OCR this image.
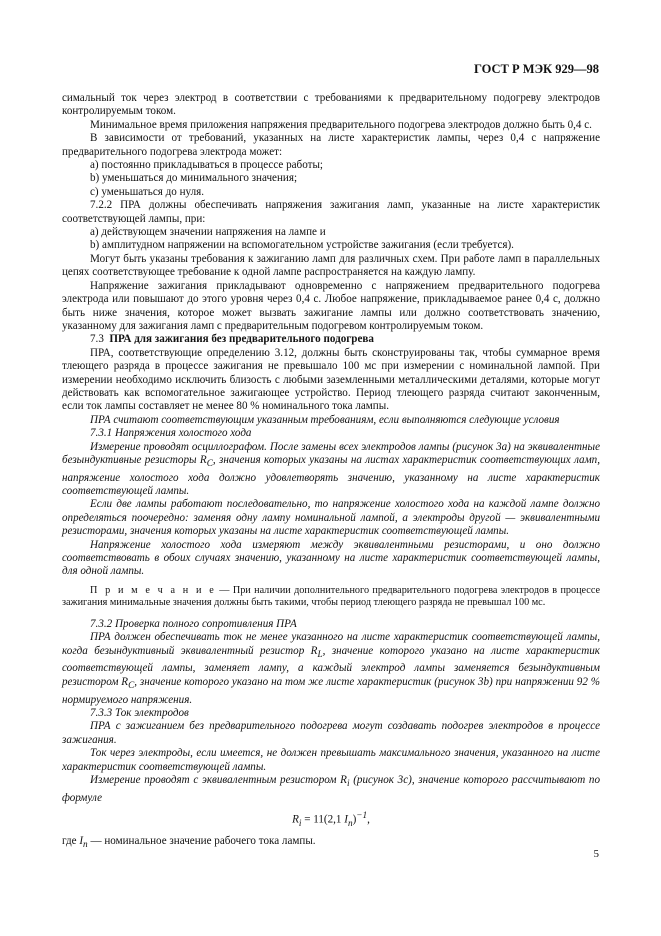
ГОСТ Р МЭК 929—98

симальный ток через электрод в соответствии с требованиями к предварительному подогреву электродов контролируемым током.

Минимальное время приложения напряжения предварительного подогрева электродов должно быть 0,4 с.

В зависимости от требований, указанных на листе характеристик лампы, через 0,4 с напряжение предварительного подогрева электрода может:

а) постоянно прикладываться в процессе работы;

b) уменьшаться до минимального значения;

c) уменьшаться до нуля.

7.2.2 ПРА должны обеспечивать напряжения зажигания ламп, указанные на листе характеристик соответствующей лампы, при:

а) действующем значении напряжения на лампе и

b) амплитудном напряжении на вспомогательном устройстве зажигания (если требуется).

Могут быть указаны требования к зажиганию ламп для различных схем. При работе ламп в параллельных цепях соответствующее требование к одной лампе распространяется на каждую лампу.

Напряжение зажигания прикладывают одновременно с напряжением предварительного подогрева электрода или повышают до этого уровня через 0,4 с. Любое напряжение, прикладываемое ранее 0,4 с, должно быть ниже значения, которое может вызвать зажигание лампы или должно соответствовать значению, указанному для зажигания ламп с предварительным подогревом контролируемым током.

7.3 ПРА для зажигания без предварительного подогрева

ПРА, соответствующие определению 3.12, должны быть сконструированы так, чтобы суммарное время тлеющего разряда в процессе зажигания не превышало 100 мс при измерении с номинальной лампой. При измерении необходимо исключить близость с любыми заземленными металлическими деталями, которые могут действовать как вспомогательное зажигающее устройство. Период тлеющего разряда считают законченным, если ток лампы составляет не менее 80 % номинального тока лампы.

ПРА считают соответствующим указанным требованиям, если выполняются следующие условия

7.3.1 Напряжения холостого хода

Измерение проводят осциллографом. После замены всех электродов лампы (рисунок 3а) на эквивалентные безындуктивные резисторы $R_C$, значения которых указаны на листах характеристик соответствующих ламп, напряжение холостого хода должно удовлетворять значению, указанному на листе характеристик соответствующей лампы.

Если две лампы работают последовательно, то напряжение холостого хода на каждой лампе должно определяться поочередно: заменяя одну лампу номинальной лампой, а электроды другой — эквивалентными резисторами, значения которых указаны на листе характеристик соответствующей лампы.

Напряжение холостого хода измеряют между эквивалентными резисторами, и оно должно соответствовать в обоих случаях значению, указанному на листе характеристик соответствующей лампы, для одной лампы.

П р и м е ч а н и е — При наличии дополнительного предварительного подогрева электродов в процессе зажигания минимальные значения должны быть такими, чтобы период тлеющего разряда не превышал 100 мс.

7.3.2 Проверка полного сопротивления ПРА

ПРА должен обеспечивать ток не менее указанного на листе характеристик соответствующей лампы, когда безындуктивный эквивалентный резистор $R_L$, значение которого указано на листе характеристик соответствующей лампы, заменяет лампу, а каждый электрод лампы заменяется безындуктивным резистором $R_C$, значение которого указано на том же листе характеристик (рисунок 3b) при напряжении 92 % нормируемого напряжения.

7.3.3 Ток электродов

ПРА с зажиганием без предварительного подогрева могут создавать подогрев электродов в процессе зажигания.

Ток через электроды, если имеется, не должен превышать максимального значения, указанного на листе характеристик соответствующей лампы.

Измерение проводят с эквивалентным резистором $R_i$ (рисунок 3с), значение которого рассчитывают по формуле

$R_i = 11(2,1$ $I_n)^{-1}$,

где $I_n$ — номинальное значение рабочего тока лампы.

5
